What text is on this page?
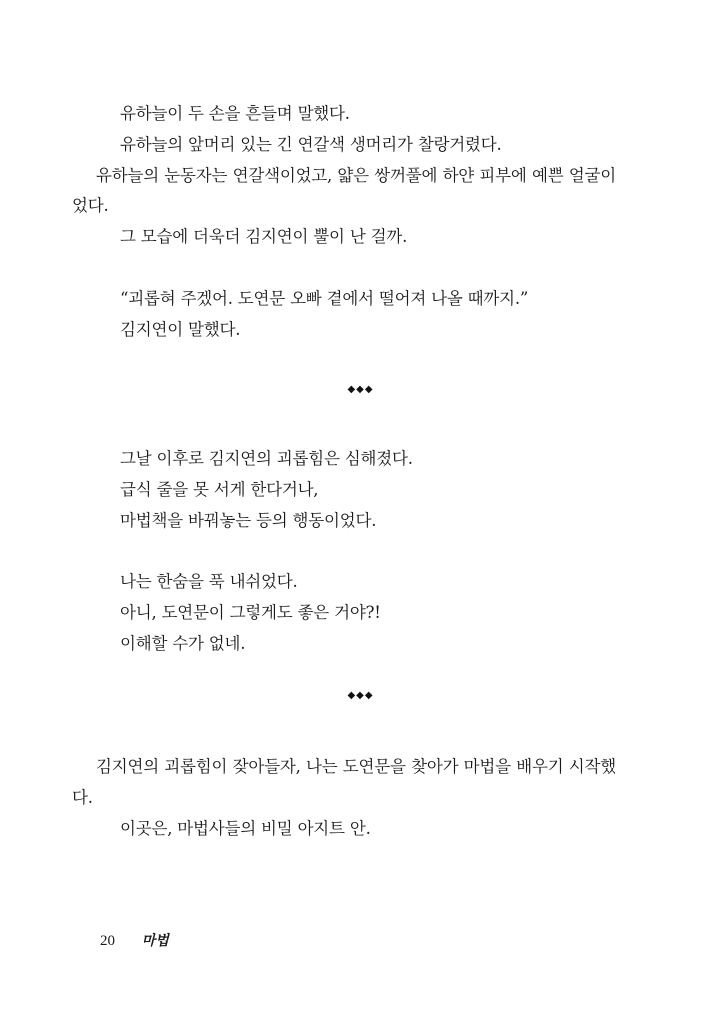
유하늘이 두 손을 흔들며 말했다.

유하늘의 앞머리 있는 긴 연갈색 생머리가 찰랑거렸다.

유하늘의 눈동자는 연갈색이었고, 얇은 쌍꺼풀에 하얀 피부에 예쁜 얼굴이었다.

그 모습에 더욱더 김지연이 뿔이 난 걸까.

“괴롭혀 주겠어. 도연문 오빠 곁에서 떨어져 나올 때까지.”

김지연이 말했다.

◆◆◆

그날 이후로 김지연의 괴롭힘은 심해졌다.

급식 줄을 못 서게 한다거나,

마법책을 바꿔놓는 등의 행동이었다.

나는 한숨을 푹 내쉬었다.

아니, 도연문이 그렇게도 좋은 거야?!

이해할 수가 없네.

◆◆◆

김지연의 괴롭힘이 잦아들자, 나는 도연문을 찾아가 마법을 배우기 시작했다.

이곳은, 마법사들의 비밀 아지트 안.

20 마법
